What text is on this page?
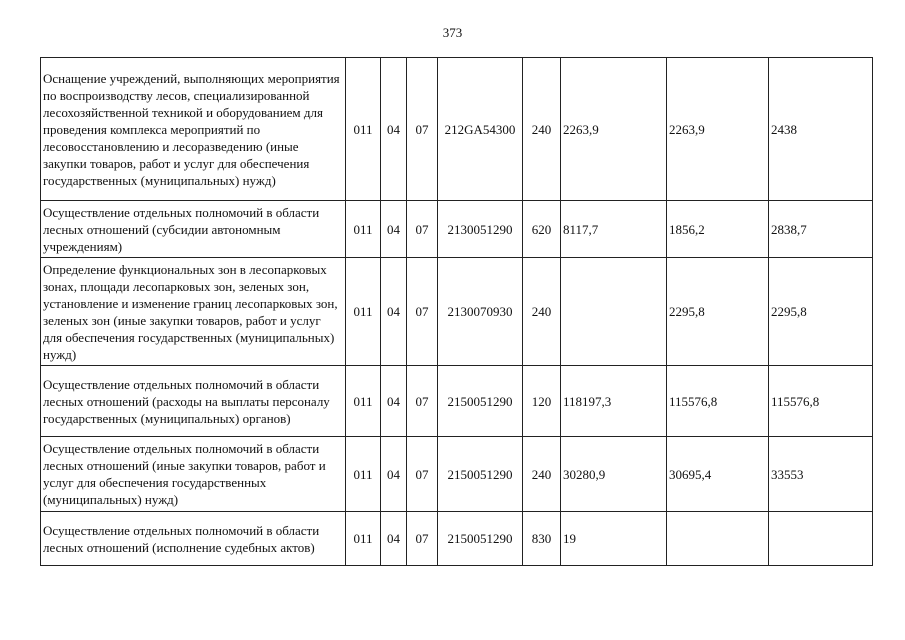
373
Оснащение учреждений, выполняющих мероприятия по воспроизводству лесов, специализированной лесохозяйственной техникой и оборудованием для проведения комплекса мероприятий по лесовосстановлению и лесоразведению (иные закупки товаров, работ и услуг для обеспечения государственных (муниципальных) нужд)	011	04	07	212GA54300	240	2263,9	2263,9	2438
Осуществление отдельных полномочий в области лесных отношений (субсидии автономным учреждениям)	011	04	07	2130051290	620	8117,7	1856,2	2838,7
Определение функциональных зон в лесопарковых зонах, площади лесопарковых зон, зеленых зон, установление и изменение границ лесопарковых зон, зеленых зон (иные закупки товаров, работ и услуг для обеспечения государственных (муниципальных) нужд)	011	04	07	2130070930	240		2295,8	2295,8
Осуществление отдельных полномочий в области лесных отношений (расходы на выплаты персоналу государственных (муниципальных) органов)	011	04	07	2150051290	120	118197,3	115576,8	115576,8
Осуществление отдельных полномочий в области лесных отношений (иные закупки товаров, работ и услуг для обеспечения государственных (муниципальных) нужд)	011	04	07	2150051290	240	30280,9	30695,4	33553
Осуществление отдельных полномочий в области лесных отношений (исполнение судебных актов)	011	04	07	2150051290	830	19		
